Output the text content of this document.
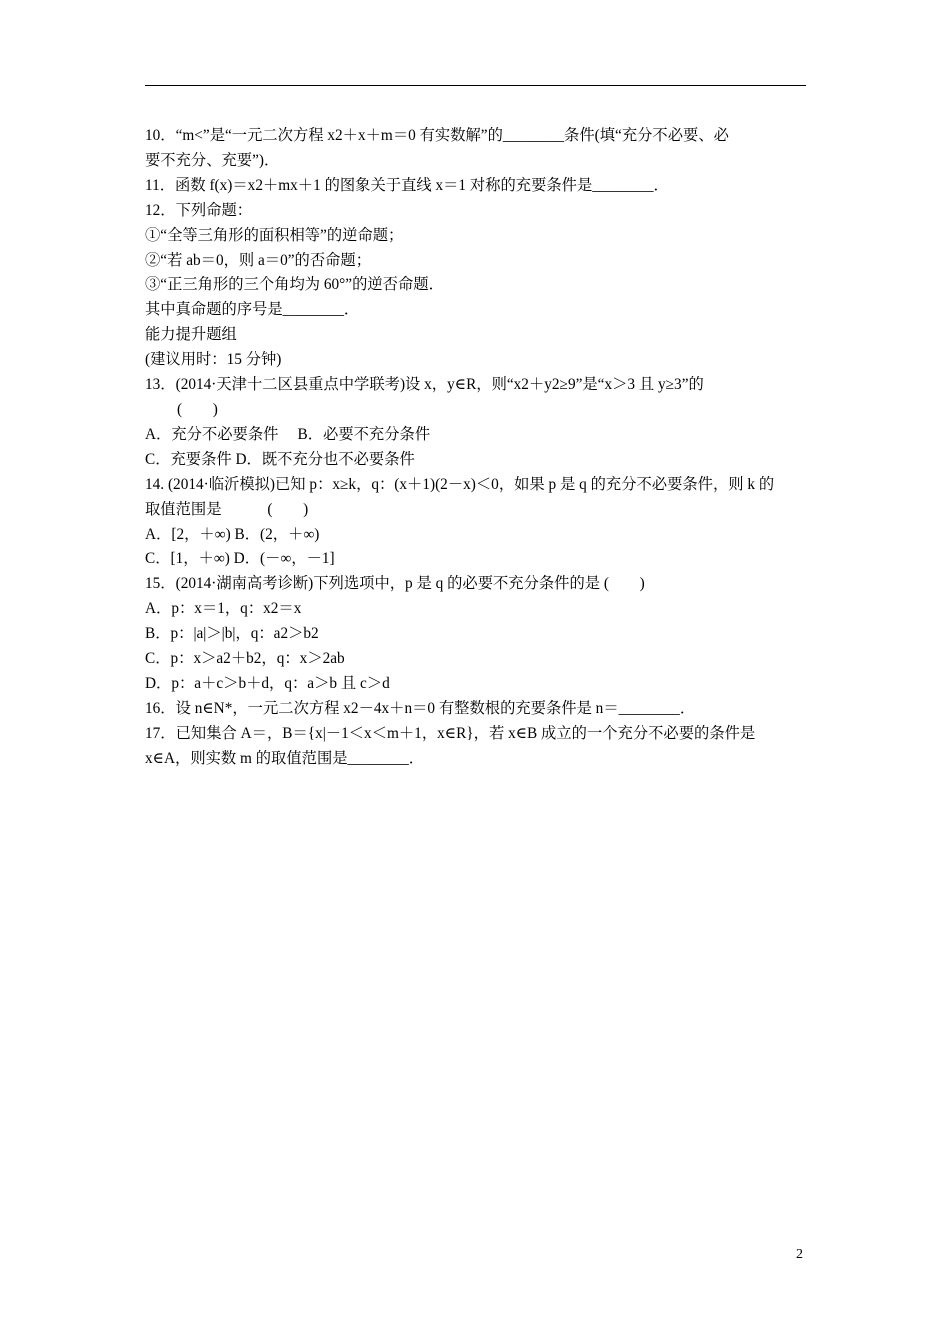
10．“m<”是“一元二次方程 x2＋x＋m＝0 有实数解”的________条件(填“充分不必要、必
要不充分、充要”)．
11．函数 f(x)＝x2＋mx＋1 的图象关于直线 x＝1 对称的充要条件是________．
12．下列命题：
①“全等三角形的面积相等”的逆命题；
②“若 ab＝0，则 a＝0”的否命题；
③“正三角形的三个角均为 60°”的逆否命题．
其中真命题的序号是________．
能力提升题组
(建议用时：15 分钟)
13．(2014·天津十二区县重点中学联考)设 x，y∈R，则“x2＋y2≥9”是“x＞3 且 y≥3”的
(　　)
A．充分不必要条件　 B．必要不充分条件
C．充要条件 D．既不充分也不必要条件
14. (2014·临沂模拟)已知 p：x≥k，q：(x＋1)(2－x)＜0，如果 p 是 q 的充分不必要条件，则 k 的
取值范围是　　　(　　)
A．[2，＋∞) B．(2，＋∞)
C．[1，＋∞) D．(－∞，－1]
15．(2014·湖南高考诊断)下列选项中，p 是 q 的必要不充分条件的是 (　　)
A．p：x＝1，q：x2＝x
B．p：|a|＞|b|，q：a2＞b2
C．p：x＞a2＋b2，q：x＞2ab
D．p：a＋c＞b＋d，q：a＞b 且 c＞d
16．设 n∈N*，一元二次方程 x2－4x＋n＝0 有整数根的充要条件是 n＝________．
17．已知集合 A＝，B＝{x|－1＜x＜m＋1，x∈R}，若 x∈B 成立的一个充分不必要的条件是
x∈A，则实数 m 的取值范围是________．
2
